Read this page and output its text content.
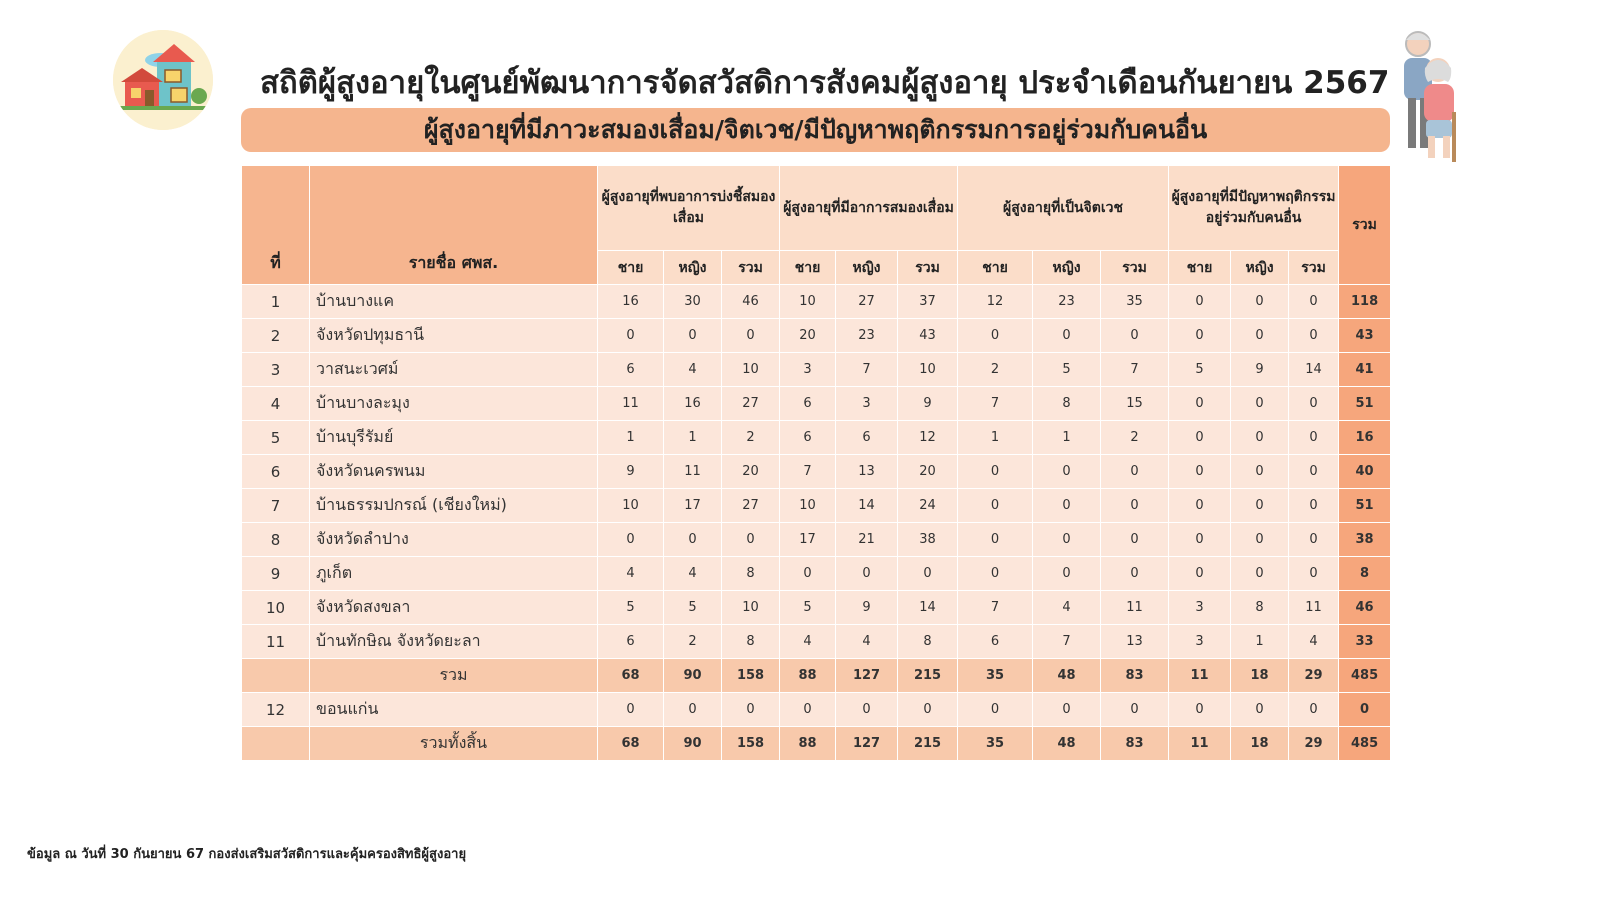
สถิติผู้สูงอายุในศูนย์พัฒนาการจัดสวัสดิการสังคมผู้สูงอายุ ประจำเดือนกันยายน 2567
ผู้สูงอายุที่มีภาวะสมองเสื่อม/จิตเวช/มีปัญหาพฤติกรรมการอยู่ร่วมกับคนอื่น
ที่	รายชื่อ ศพส.	ผู้สูงอายุที่พบอาการบ่งชี้สมองเสื่อม			ผู้สูงอายุที่มีอาการสมองเสื่อม			ผู้สูงอายุที่เป็นจิตเวช			ผู้สูงอายุที่มีปัญหาพฤติกรรมอยู่ร่วมกับคนอื่น			รวม
		ชาย	หญิง	รวม	ชาย	หญิง	รวม	ชาย	หญิง	รวม	ชาย	หญิง	รวม	
1	บ้านบางแค	16	30	46	10	27	37	12	23	35	0	0	0	118
2	จังหวัดปทุมธานี	0	0	0	20	23	43	0	0	0	0	0	0	43
3	วาสนะเวศม์	6	4	10	3	7	10	2	5	7	5	9	14	41
4	บ้านบางละมุง	11	16	27	6	3	9	7	8	15	0	0	0	51
5	บ้านบุรีรัมย์	1	1	2	6	6	12	1	1	2	0	0	0	16
6	จังหวัดนครพนม	9	11	20	7	13	20	0	0	0	0	0	0	40
7	บ้านธรรมปกรณ์ (เชียงใหม่)	10	17	27	10	14	24	0	0	0	0	0	0	51
8	จังหวัดลำปาง	0	0	0	17	21	38	0	0	0	0	0	0	38
9	ภูเก็ต	4	4	8	0	0	0	0	0	0	0	0	0	8
10	จังหวัดสงขลา	5	5	10	5	9	14	7	4	11	3	8	11	46
11	บ้านทักษิณ จังหวัดยะลา	6	2	8	4	4	8	6	7	13	3	1	4	33
	รวม	68	90	158	88	127	215	35	48	83	11	18	29	485
12	ขอนแก่น	0	0	0	0	0	0	0	0	0	0	0	0	0
	รวมทั้งสิ้น	68	90	158	88	127	215	35	48	83	11	18	29	485
ข้อมูล ณ วันที่ 30 กันยายน 67 กองส่งเสริมสวัสดิการและคุ้มครองสิทธิผู้สูงอายุ
